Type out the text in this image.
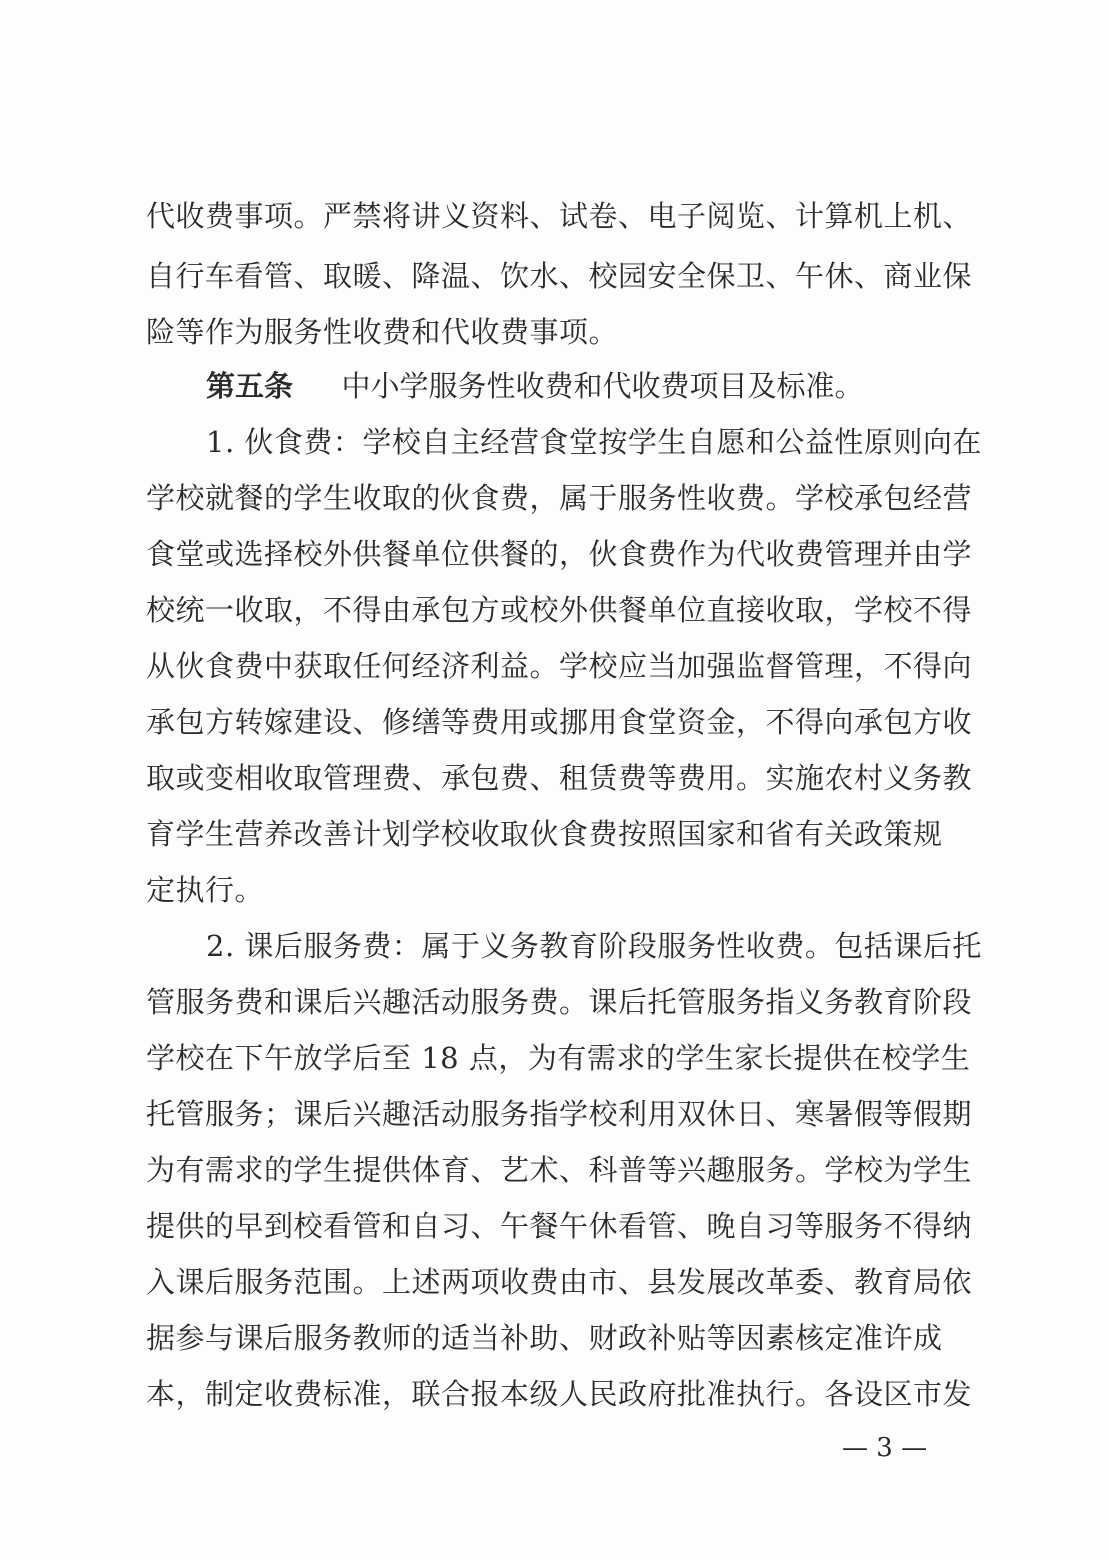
代收费事项。严禁将讲义资料、试卷、电子阅览、计算机上机、
自行车看管、取暖、降温、饮水、校园安全保卫、午休、商业保
险等作为服务性收费和代收费事项。
第五条 中小学服务性收费和代收费项目及标准。
1. 伙食费：学校自主经营食堂按学生自愿和公益性原则向在
学校就餐的学生收取的伙食费，属于服务性收费。学校承包经营
食堂或选择校外供餐单位供餐的，伙食费作为代收费管理并由学
校统一收取，不得由承包方或校外供餐单位直接收取，学校不得
从伙食费中获取任何经济利益。学校应当加强监督管理，不得向
承包方转嫁建设、修缮等费用或挪用食堂资金，不得向承包方收
取或变相收取管理费、承包费、租赁费等费用。实施农村义务教
育学生营养改善计划学校收取伙食费按照国家和省有关政策规
定执行。
2. 课后服务费：属于义务教育阶段服务性收费。包括课后托
管服务费和课后兴趣活动服务费。课后托管服务指义务教育阶段
学校在下午放学后至 18 点，为有需求的学生家长提供在校学生
托管服务；课后兴趣活动服务指学校利用双休日、寒暑假等假期
为有需求的学生提供体育、艺术、科普等兴趣服务。学校为学生
提供的早到校看管和自习、午餐午休看管、晚自习等服务不得纳
入课后服务范围。上述两项收费由市、县发展改革委、教育局依
据参与课后服务教师的适当补助、财政补贴等因素核定准许成
本，制定收费标准，联合报本级人民政府批准执行。各设区市发
— 3 —
